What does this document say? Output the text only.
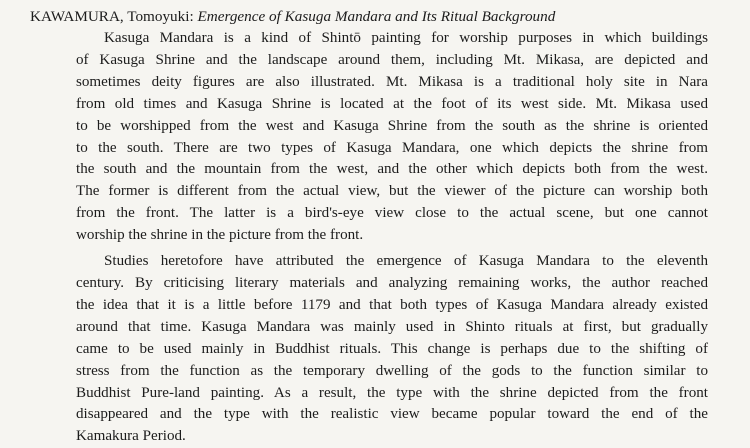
KAWAMURA, Tomoyuki: Emergence of Kasuga Mandara and Its Ritual Background

Kasuga Mandara is a kind of Shintō painting for worship purposes in which buildings
of Kasuga Shrine and the landscape around them, including Mt. Mikasa, are depicted and
sometimes deity figures are also illustrated. Mt. Mikasa is a traditional holy site in Nara
from old times and Kasuga Shrine is located at the foot of its west side. Mt. Mikasa used
to be worshipped from the west and Kasuga Shrine from the south as the shrine is oriented
to the south. There are two types of Kasuga Mandara, one which depicts the shrine from
the south and the mountain from the west, and the other which depicts both from the west.
The former is different from the actual view, but the viewer of the picture can worship both
from the front. The latter is a bird's-eye view close to the actual scene, but one cannot
worship the shrine in the picture from the front.
Studies heretofore have attributed the emergence of Kasuga Mandara to the eleventh
century. By criticising literary materials and analyzing remaining works, the author reached
the idea that it is a little before 1179 and that both types of Kasuga Mandara already existed
around that time. Kasuga Mandara was mainly used in Shinto rituals at first, but gradually
came to be used mainly in Buddhist rituals. This change is perhaps due to the shifting of
stress from the function as the temporary dwelling of the gods to the function similar to
Buddhist Pure-land painting. As a result, the type with the shrine depicted from the front
disappeared and the type with the realistic view became popular toward the end of the
Kamakura Period.
